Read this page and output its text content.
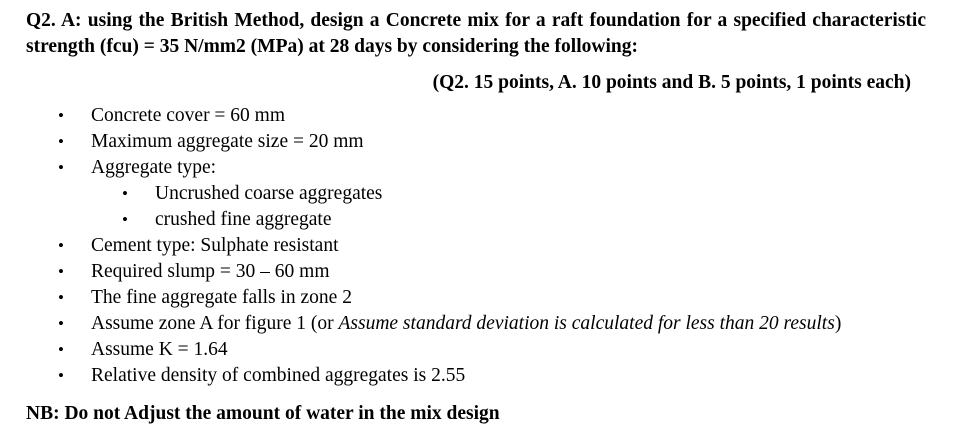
Q2. A: using the British Method, design a Concrete mix for a raft foundation for a specified characteristic strength (fcu) = 35 N/mm2 (MPa) at 28 days by considering the following:
(Q2. 15 points, A. 10 points and B. 5 points, 1 points each)
• Concrete cover = 60 mm
• Maximum aggregate size = 20 mm
• Aggregate type:
• Uncrushed coarse aggregates
• crushed fine aggregate
• Cement type: Sulphate resistant
• Required slump = 30 – 60 mm
• The fine aggregate falls in zone 2
• Assume zone A for figure 1 (or Assume standard deviation is calculated for less than 20 results)
• Assume K = 1.64
• Relative density of combined aggregates is 2.55
NB: Do not Adjust the amount of water in the mix design
